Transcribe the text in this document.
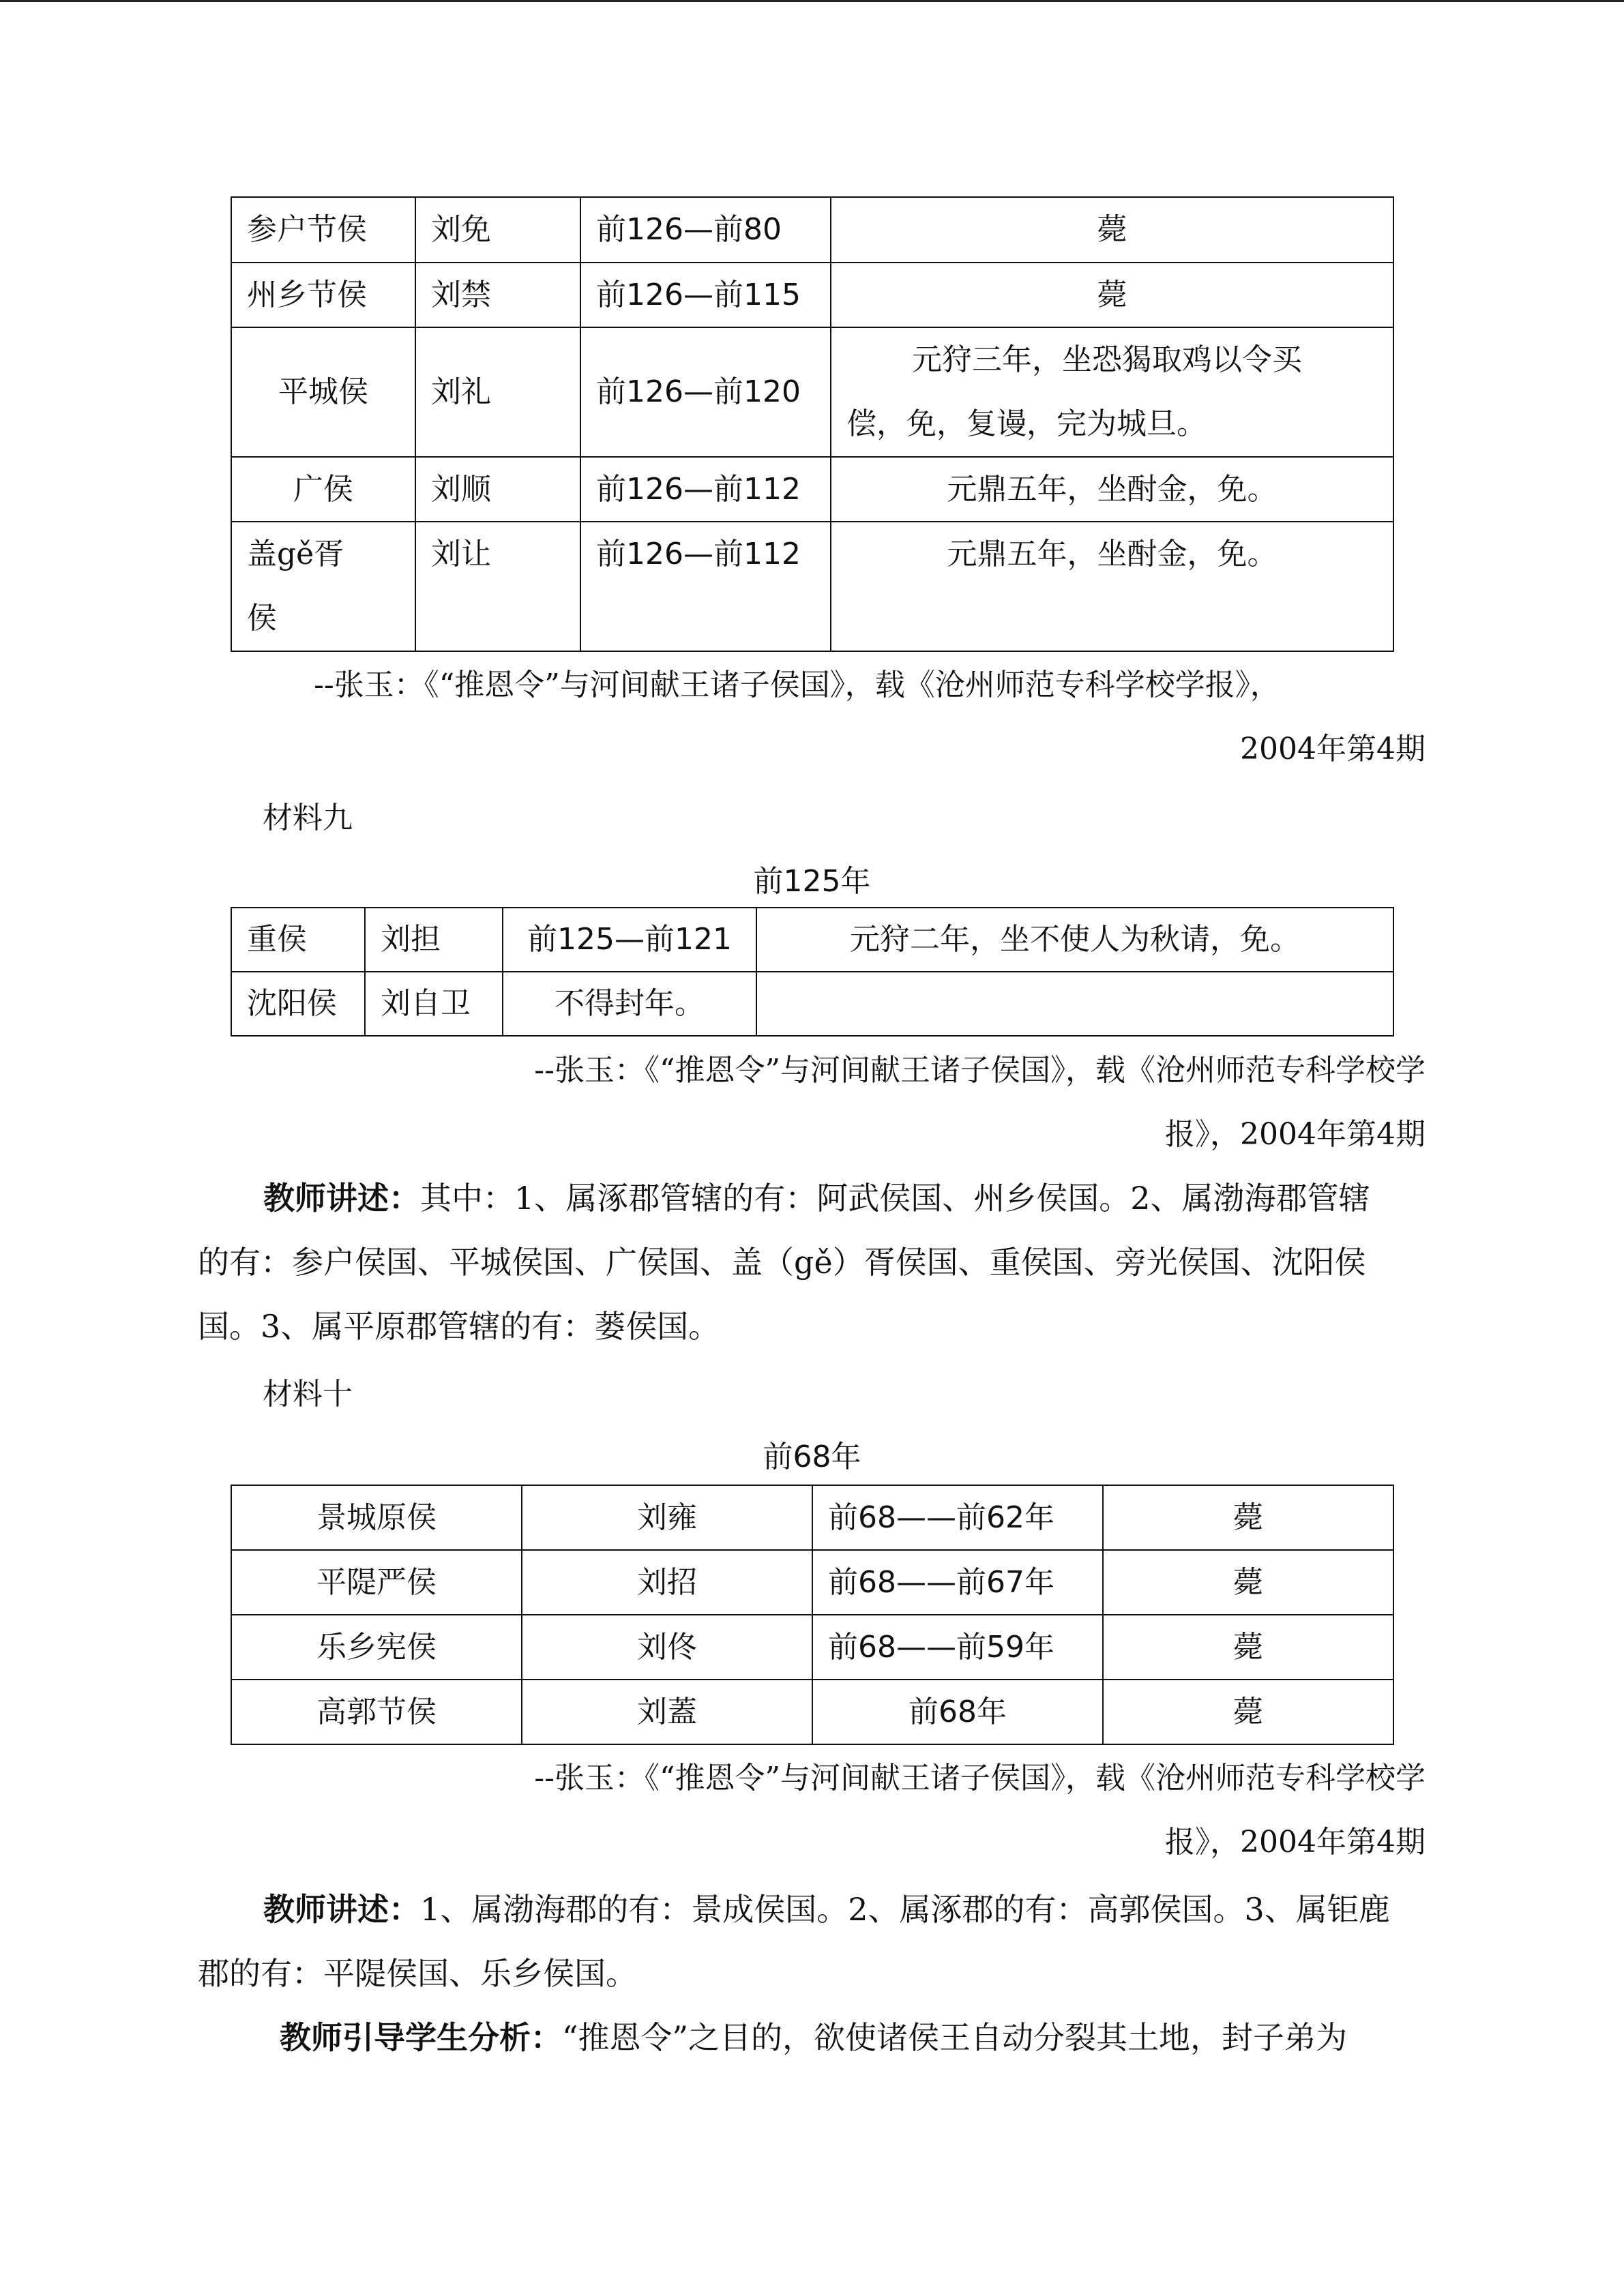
参户节侯	刘免	前126—前80	薨
州乡节侯	刘禁	前126—前115	薨
平城侯	刘礼	前126—前120	元狩三年，坐恐猲取鸡以令买
偿，免，复谩，完为城旦。

广侯	刘顺	前126—前112	元鼎五年，坐酎金，免。

盖gě胥
侯	刘让	前126—前112	元鼎五年，坐酎金，免。
--张玉：《“推恩令”与河间献王诸子侯国》，载《沧州师范专科学校学报》，
2004年第4期
材料九
前125年
重侯	刘担	前125—前121	元狩二年，坐不使人为秋请，免。
沈阳侯	刘自卫	不得封年。	
--张玉：《“推恩令”与河间献王诸子侯国》，载《沧州师范专科学校学
报》，2004年第4期
教师讲述：其中：1、属涿郡管辖的有：阿武侯国、州乡侯国。2、属渤海郡管辖
的有：参户侯国、平城侯国、广侯国、盖（gě）胥侯国、重侯国、旁光侯国、沈阳侯
国。3、属平原郡管辖的有：蒌侯国。
材料十
前68年
景城原侯	刘雍	前68——前62年	薨
平隄严侯	刘招	前68——前67年	薨
乐乡宪侯	刘佟	前68——前59年	薨
高郭节侯	刘蓋	前68年	薨
--张玉：《“推恩令”与河间献王诸子侯国》，载《沧州师范专科学校学
报》，2004年第4期
教师讲述：1、属渤海郡的有：景成侯国。2、属涿郡的有：高郭侯国。3、属钜鹿
郡的有：平隄侯国、乐乡侯国。
教师引导学生分析：“推恩令”之目的，欲使诸侯王自动分裂其土地，封子弟为
